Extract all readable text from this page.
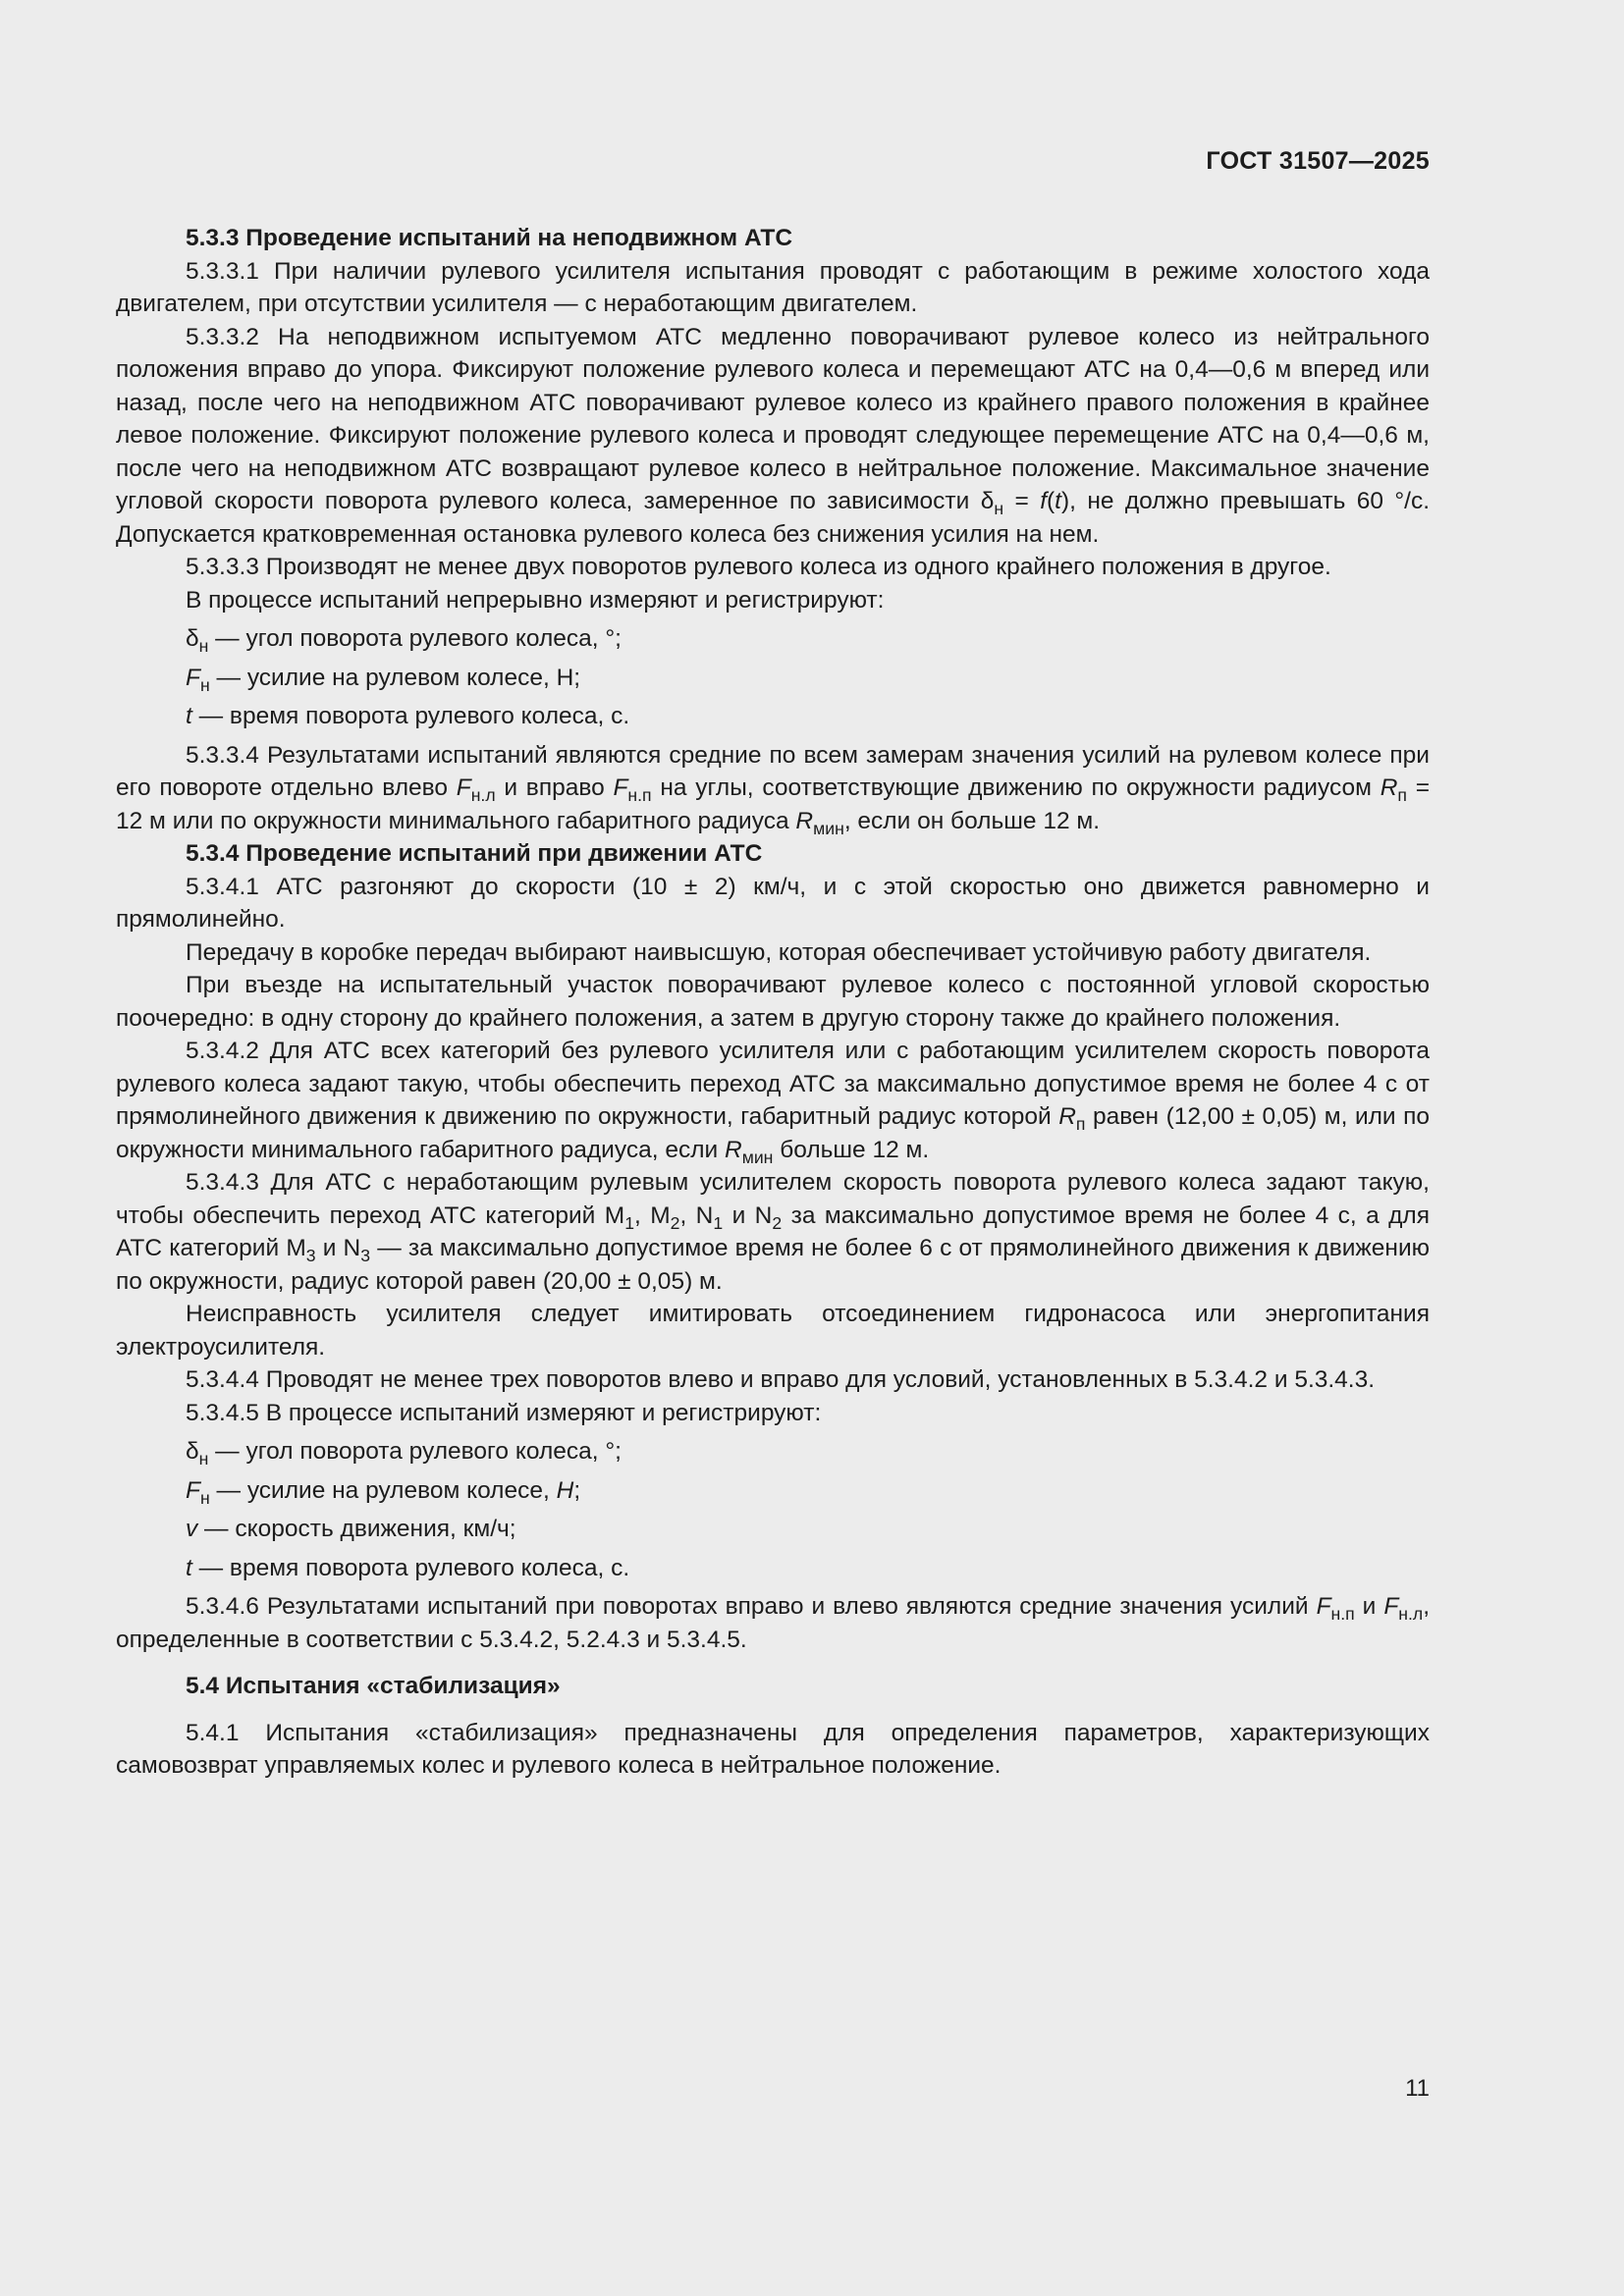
ГОСТ 31507—2025

5.3.3 Проведение испытаний на неподвижном АТС

5.3.3.1 При наличии рулевого усилителя испытания проводят с работающим в режиме холостого хода двигателем, при отсутствии усилителя — с неработающим двигателем.

5.3.3.2 На неподвижном испытуемом АТС медленно поворачивают рулевое колесо из нейтрального положения вправо до упора. Фиксируют положение рулевого колеса и перемещают АТС на 0,4—0,6 м вперед или назад, после чего на неподвижном АТС поворачивают рулевое колесо из крайнего правого положения в крайнее левое положение. Фиксируют положение рулевого колеса и проводят следующее перемещение АТС на 0,4—0,6 м, после чего на неподвижном АТС возвращают рулевое колесо в нейтральное положение. Максимальное значение угловой скорости поворота рулевого колеса, замеренное по зависимости $\delta_н = f(t)$, не должно превышать 60 °/с. Допускается кратковременная остановка рулевого колеса без снижения усилия на нем.

5.3.3.3 Производят не менее двух поворотов рулевого колеса из одного крайнего положения в другое.

В процессе испытаний непрерывно измеряют и регистрируют:

$\delta_н$ — угол поворота рулевого колеса, °;

$F_н$ — усилие на рулевом колесе, Н;

t — время поворота рулевого колеса, с.

5.3.3.4 Результатами испытаний являются средние по всем замерам значения усилий на рулевом колесе при его повороте отдельно влево $F_{н.л}$ и вправо $F_{н.п}$ на углы, соответствующие движению по окружности радиусом $R_п = 12$ м или по окружности минимального габаритного радиуса $R_{мин}$, если он больше 12 м.

5.3.4 Проведение испытаний при движении АТС

5.3.4.1 АТС разгоняют до скорости (10 ± 2) км/ч, и с этой скоростью оно движется равномерно и прямолинейно.

Передачу в коробке передач выбирают наивысшую, которая обеспечивает устойчивую работу двигателя.

При въезде на испытательный участок поворачивают рулевое колесо с постоянной угловой скоростью поочередно: в одну сторону до крайнего положения, а затем в другую сторону также до крайнего положения.

5.3.4.2 Для АТС всех категорий без рулевого усилителя или с работающим усилителем скорость поворота рулевого колеса задают такую, чтобы обеспечить переход АТС за максимально допустимое время не более 4 с от прямолинейного движения к движению по окружности, габаритный радиус которой $R_п$ равен (12,00 ± 0,05) м, или по окружности минимального габаритного радиуса, если $R_{мин}$ больше 12 м.

5.3.4.3 Для АТС с неработающим рулевым усилителем скорость поворота рулевого колеса задают такую, чтобы обеспечить переход АТС категорий $M_1$, $M_2$, $N_1$ и $N_2$ за максимально допустимое время не более 4 с, а для АТС категорий $M_3$ и $N_3$ — за максимально допустимое время не более 6 с от прямолинейного движения к движению по окружности, радиус которой равен (20,00 ± 0,05) м.

Неисправность усилителя следует имитировать отсоединением гидронасоса или энергопитания электроусилителя.

5.3.4.4 Проводят не менее трех поворотов влево и вправо для условий, установленных в 5.3.4.2 и 5.3.4.3.

5.3.4.5 В процессе испытаний измеряют и регистрируют:

$\delta_н$ — угол поворота рулевого колеса, °;

$F_н$ — усилие на рулевом колесе, Н;

v — скорость движения, км/ч;

t — время поворота рулевого колеса, с.

5.3.4.6 Результатами испытаний при поворотах вправо и влево являются средние значения усилий $F_{н.п}$ и $F_{н.л}$, определенные в соответствии с 5.3.4.2, 5.2.4.3 и 5.3.4.5.

5.4 Испытания «стабилизация»

5.4.1 Испытания «стабилизация» предназначены для определения параметров, характеризующих самовозврат управляемых колес и рулевого колеса в нейтральное положение.

11
